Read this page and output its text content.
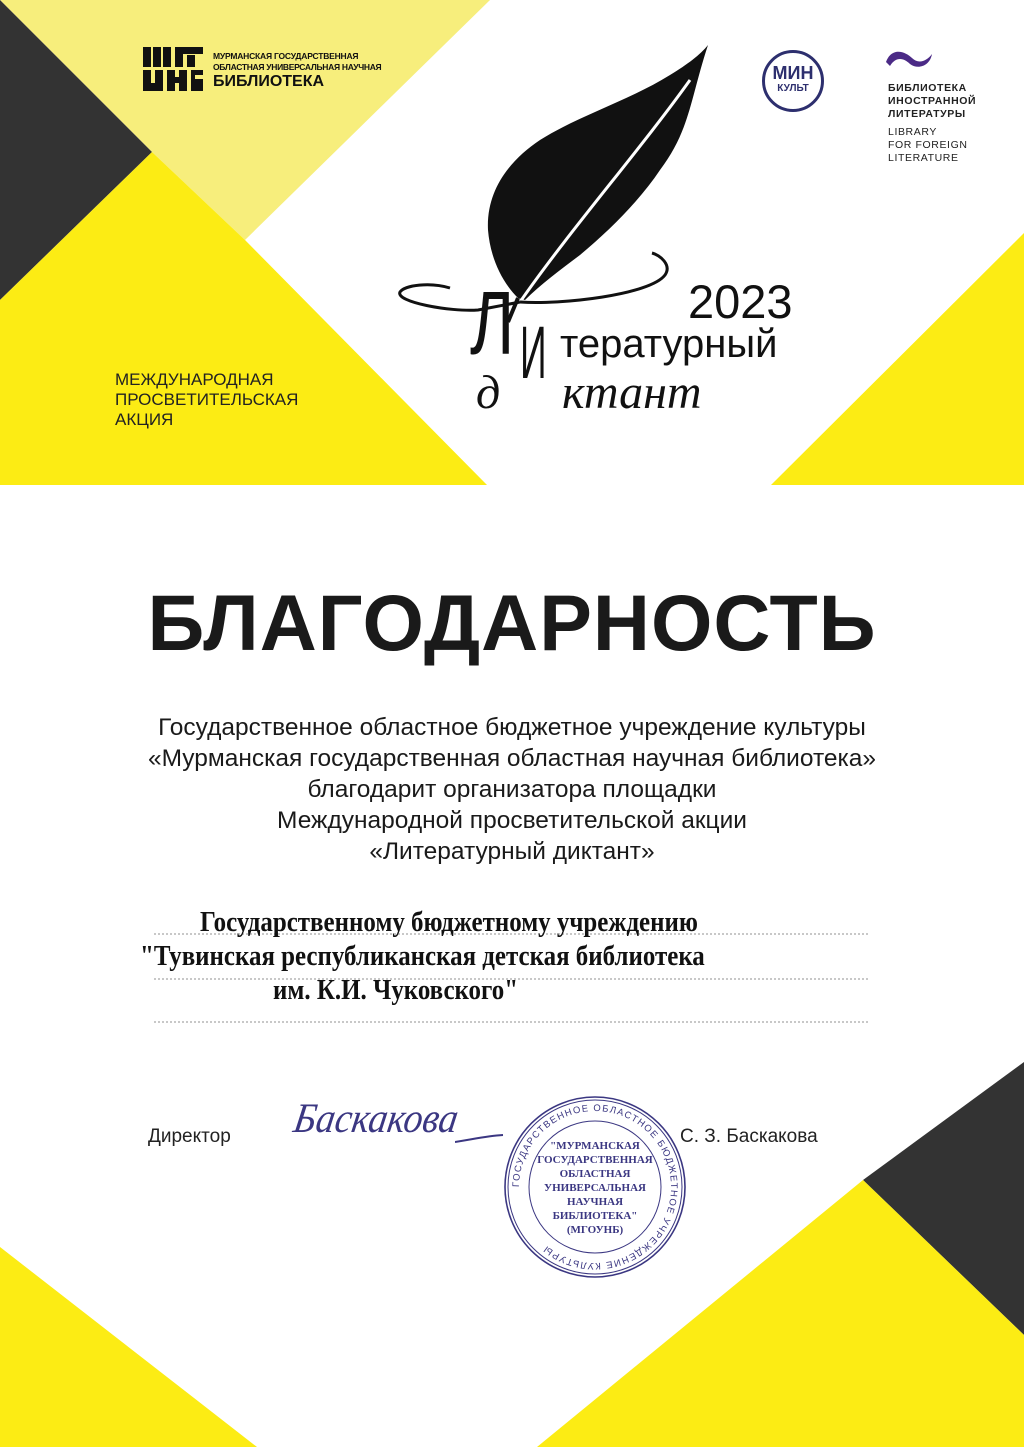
МУРМАНСКАЯ ГОСУДАРСТВЕННАЯ
ОБЛАСТНАЯ УНИВЕРСАЛЬНАЯ НАУЧНАЯ
БИБЛИОТЕКА
МЕЖДУНАРОДНАЯ
ПРОСВЕТИТЕЛЬСКАЯ
АКЦИЯ
2023
Л И тературный
д ктант
МИН
КУЛЬТ	БИБЛИОТЕКА
ИНОСТРАННОЙ
ЛИТЕРАТУРЫ
LIBRARY
FOR FOREIGN
LITERATURE
БЛАГОДАРНОСТЬ
Государственное областное бюджетное учреждение культуры
«Мурманская государственная областная научная библиотека»
благодарит организатора площадки
Международной просветительской акции
«Литературный диктант»
Государственному бюджетному учреждению
"Тувинская республиканская детская библиотека
им. К.И. Чуковского"
Директор Баскакова	С. З. Баскакова
ГОСУДАРСТВЕННОЕ ОБЛАСТНОЕ БЮДЖЕТНОЕ УЧРЕЖДЕНИЕ КУЛЬТУРЫ
"МУРМАНСКАЯ
ГОСУДАРСТВЕННАЯ
ОБЛАСТНАЯ
УНИВЕРСАЛЬНАЯ
НАУЧНАЯ
БИБЛИОТЕКА"
(МГОУНБ)
